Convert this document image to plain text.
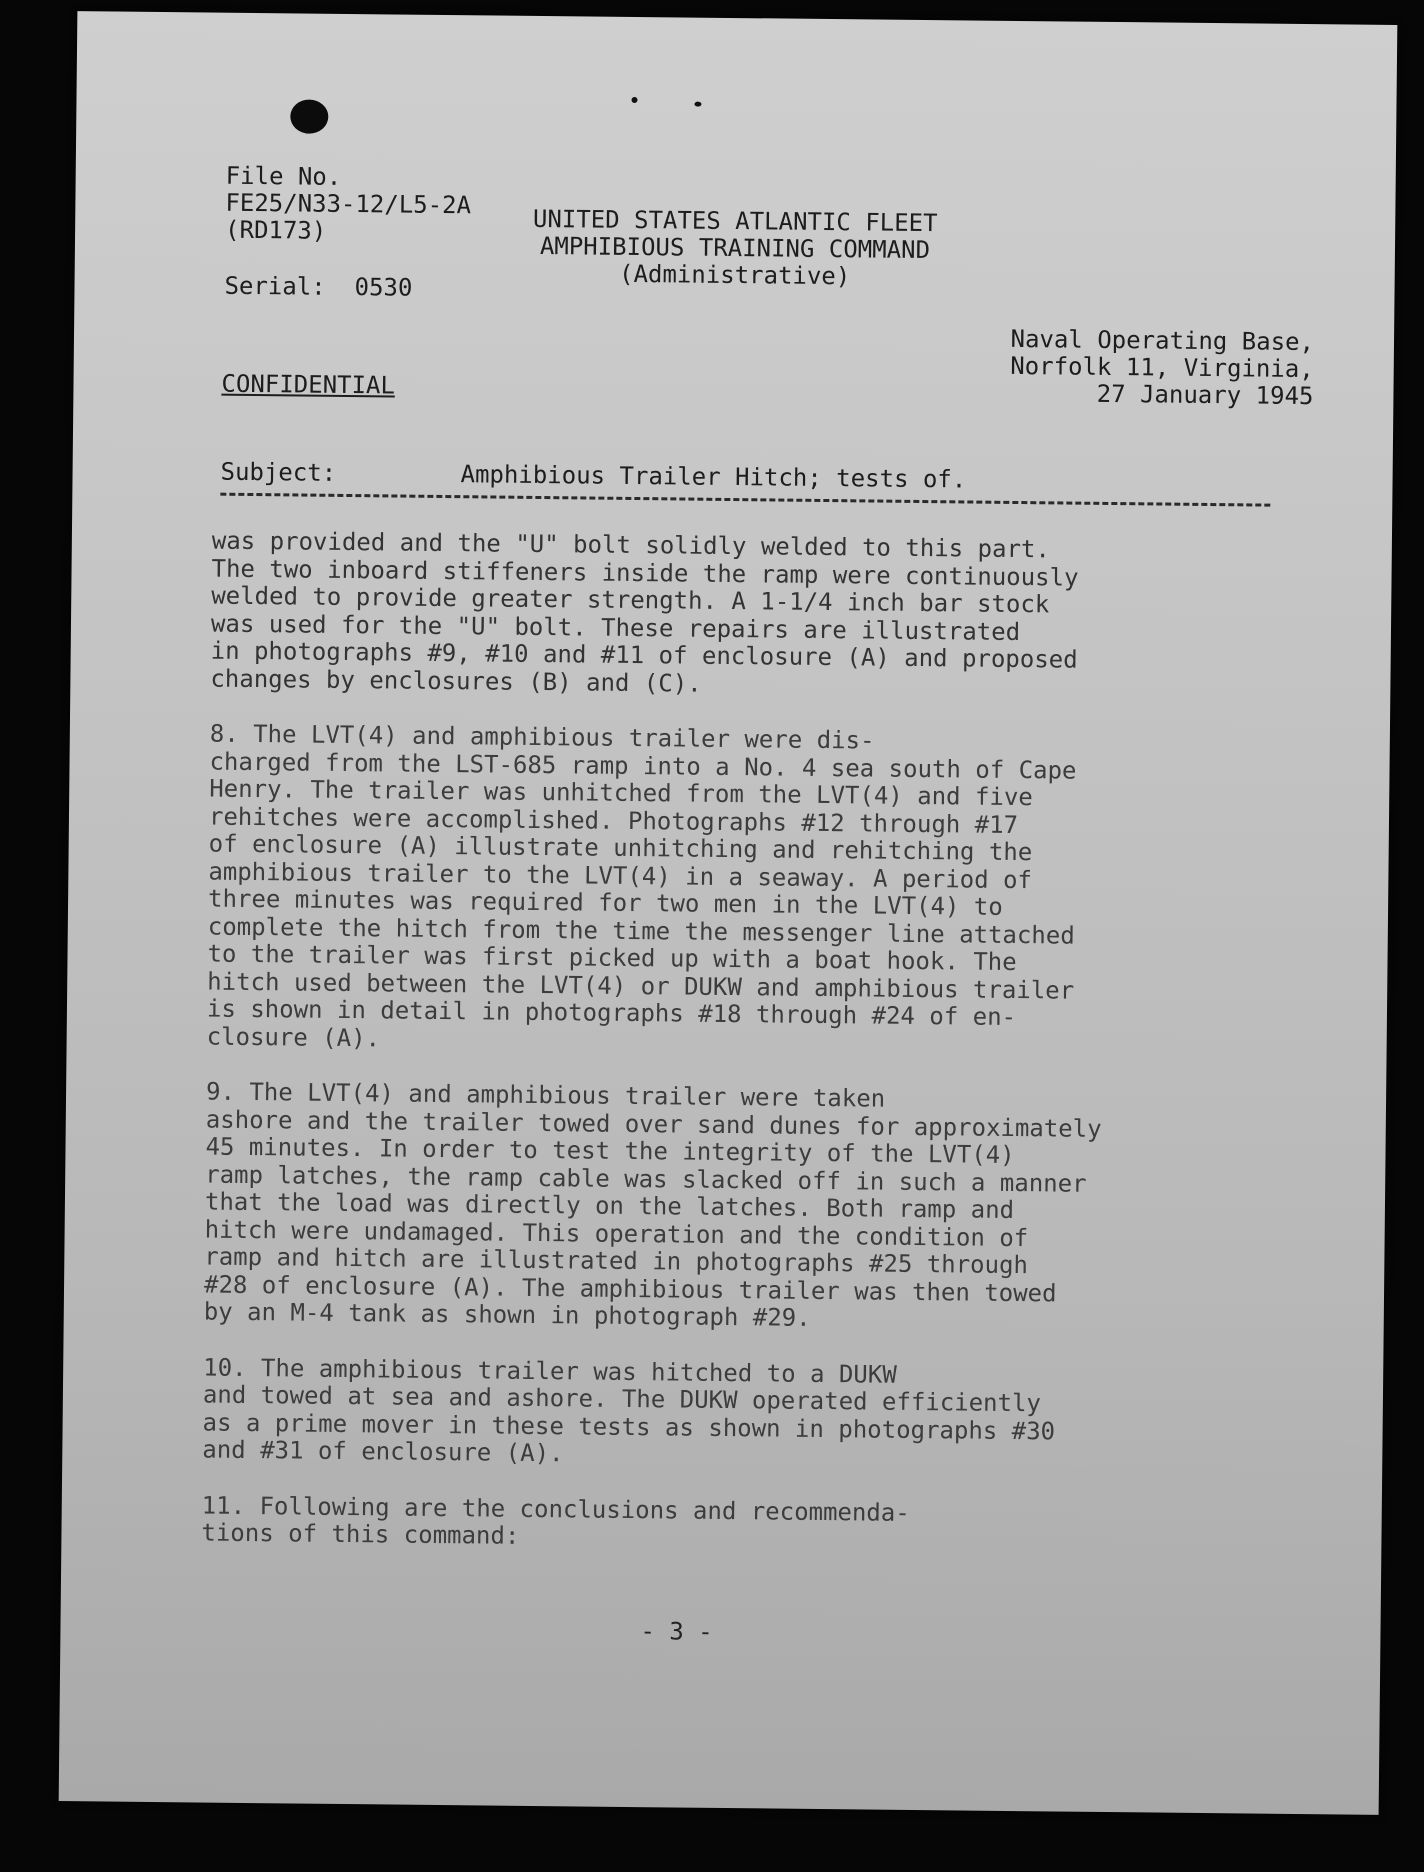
File No.
FE25/N33-12/L5-2A
(RD173)	UNITED STATES ATLANTIC FLEET
AMPHIBIOUS TRAINING COMMAND
(Administrative)
Serial:  0530
Naval Operating Base,
Norfolk 11, Virginia,
27 January 1945
CONFIDENTIAL
Subject:	Amphibious Trailer Hitch; tests of.

was provided and the "U" bolt solidly welded to this part.
The two inboard stiffeners inside the ramp were continuously
welded to provide greater strength. A 1-1/4 inch bar stock
was used for the "U" bolt. These repairs are illustrated
in photographs #9, #10 and #11 of enclosure (A) and proposed
changes by enclosures (B) and (C).

8. The LVT(4) and amphibious trailer were dis-
charged from the LST-685 ramp into a No. 4 sea south of Cape
Henry. The trailer was unhitched from the LVT(4) and five
rehitches were accomplished. Photographs #12 through #17
of enclosure (A) illustrate unhitching and rehitching the
amphibious trailer to the LVT(4) in a seaway. A period of
three minutes was required for two men in the LVT(4) to
complete the hitch from the time the messenger line attached
to the trailer was first picked up with a boat hook. The
hitch used between the LVT(4) or DUKW and amphibious trailer
is shown in detail in photographs #18 through #24 of en-
closure (A).

9. The LVT(4) and amphibious trailer were taken
ashore and the trailer towed over sand dunes for approximately
45 minutes. In order to test the integrity of the LVT(4)
ramp latches, the ramp cable was slacked off in such a manner
that the load was directly on the latches. Both ramp and
hitch were undamaged. This operation and the condition of
ramp and hitch are illustrated in photographs #25 through
#28 of enclosure (A). The amphibious trailer was then towed
by an M-4 tank as shown in photograph #29.

10. The amphibious trailer was hitched to a DUKW
and towed at sea and ashore. The DUKW operated efficiently
as a prime mover in these tests as shown in photographs #30
and #31 of enclosure (A).

11. Following are the conclusions and recommenda-
tions of this command:

- 3 -
